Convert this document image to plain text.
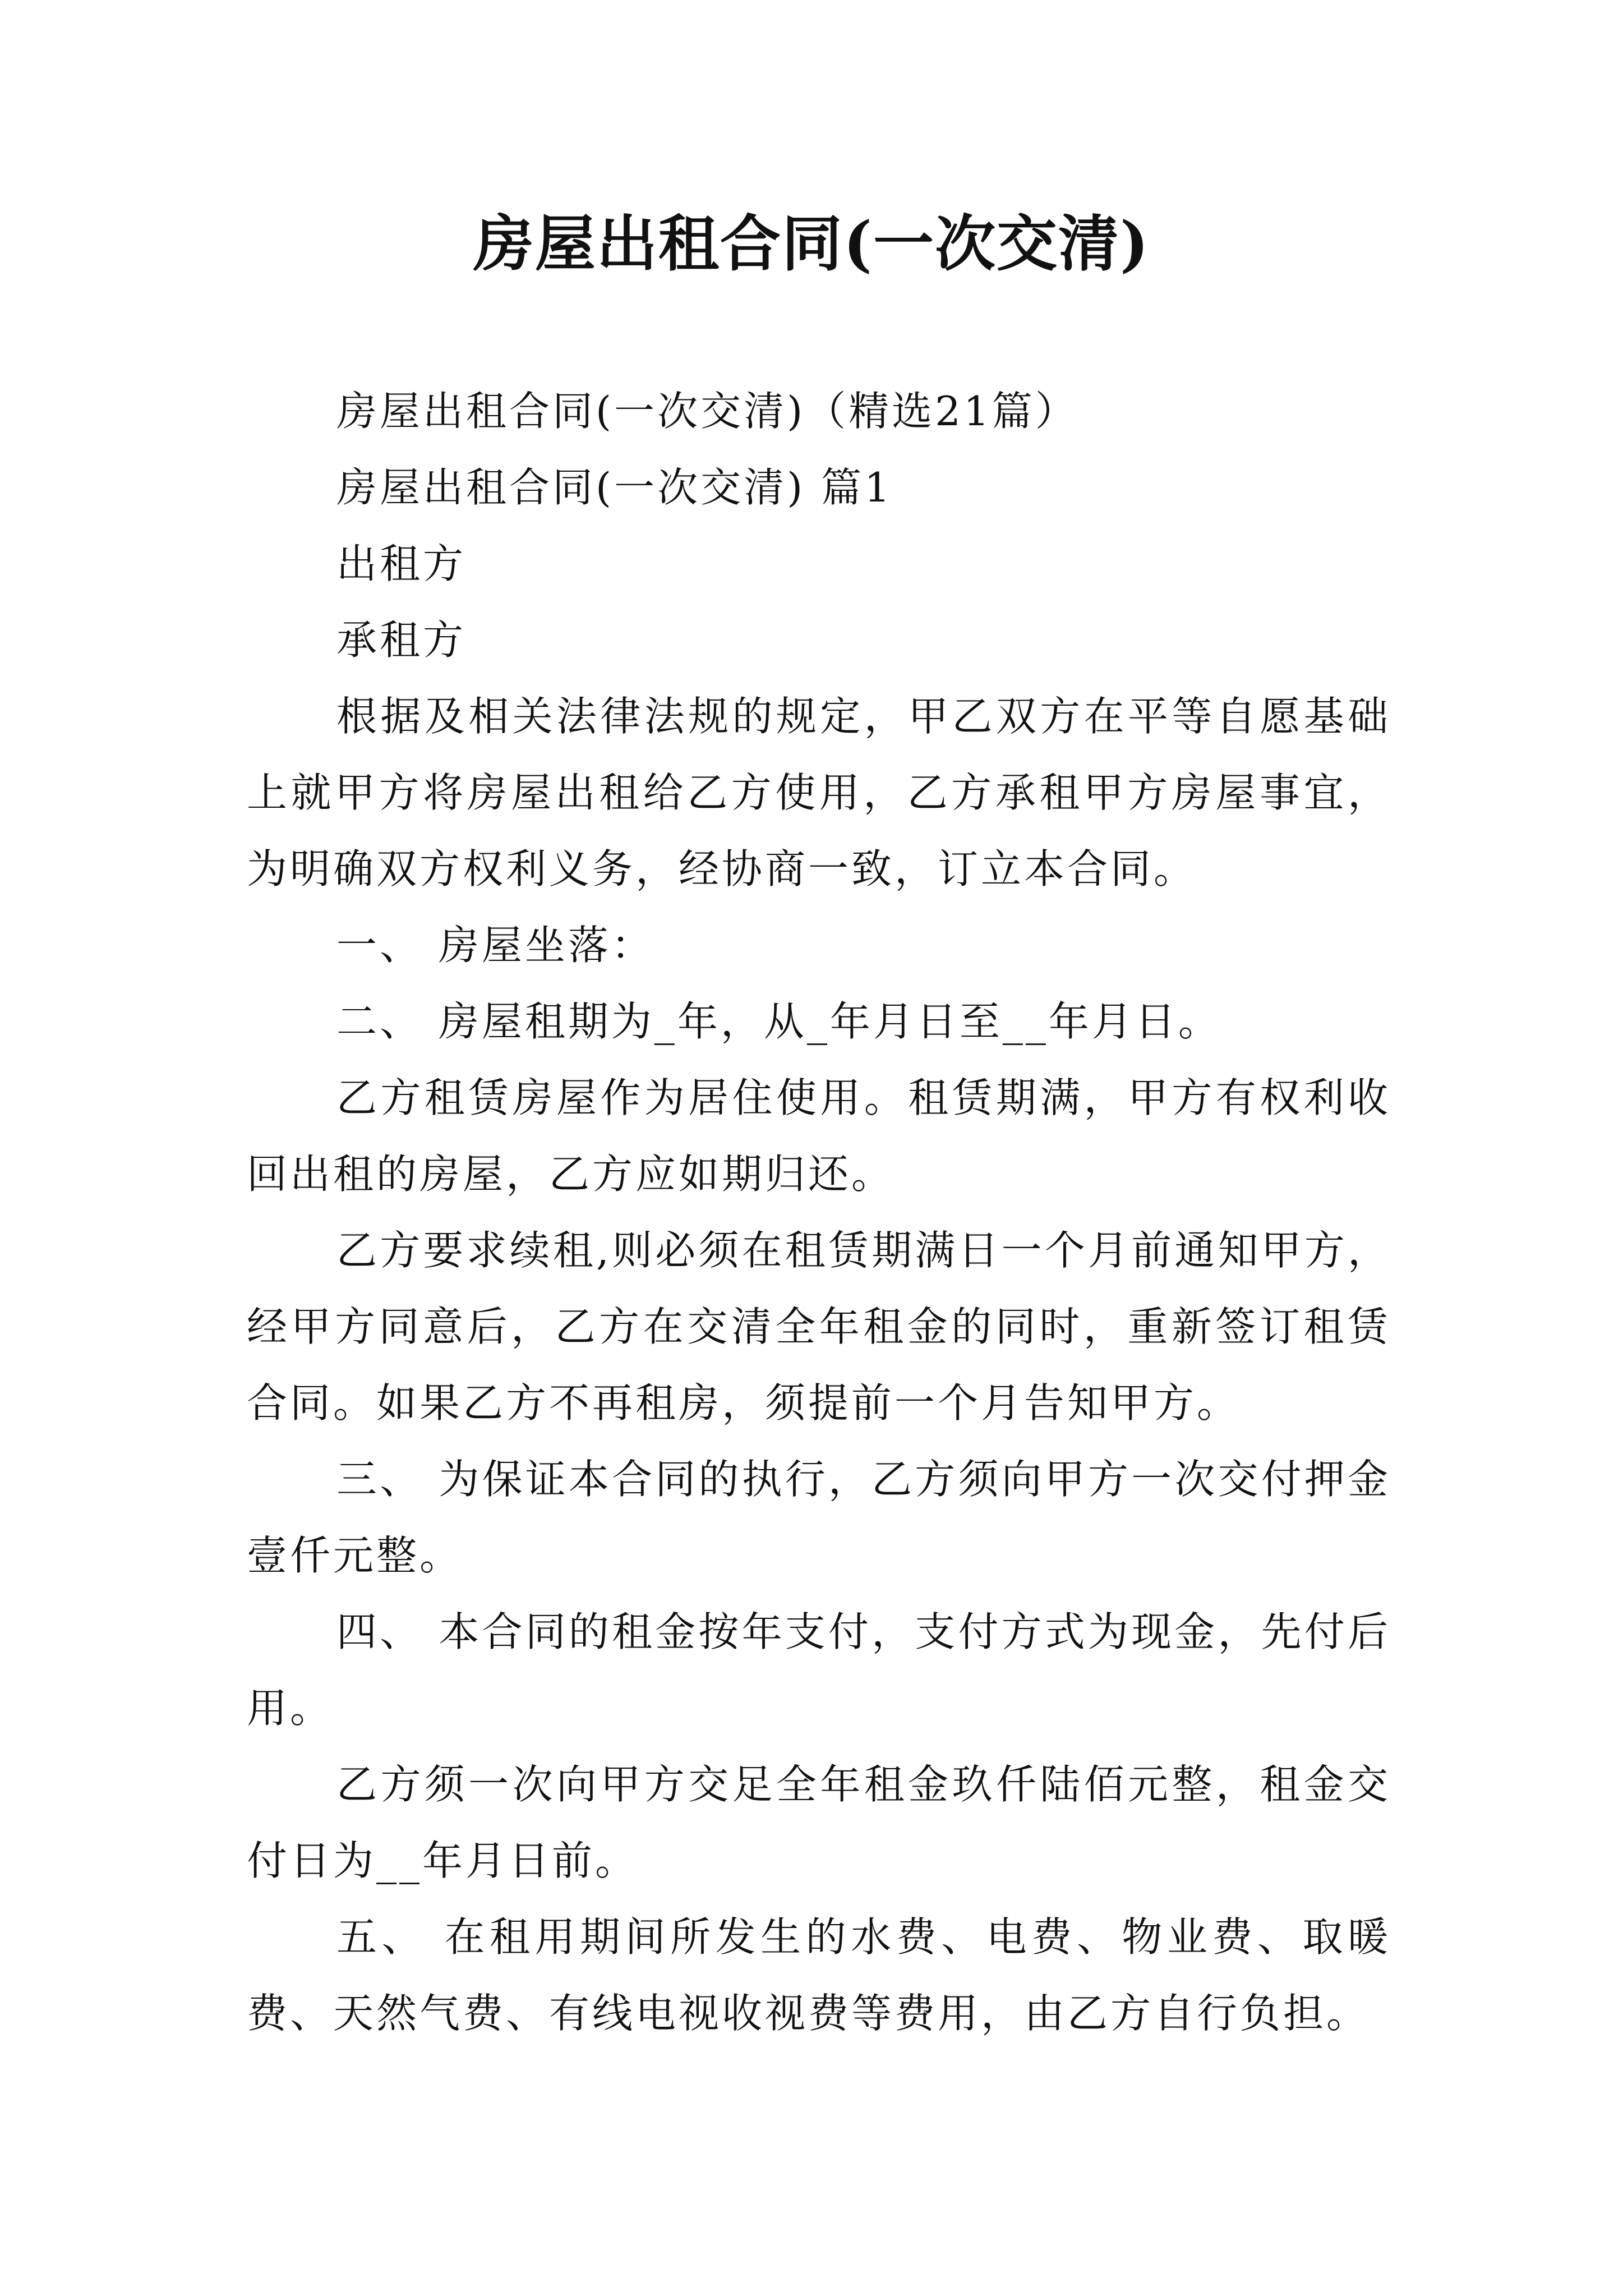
房屋出租合同(一次交清)

房屋出租合同(一次交清)（精选21篇）

房屋出租合同(一次交清) 篇1

出租方

承租方

根据及相关法律法规的规定，甲乙双方在平等自愿基础上就甲方将房屋出租给乙方使用，乙方承租甲方房屋事宜，为明确双方权利义务，经协商一致，订立本合同。

一、 房屋坐落：

二、 房屋租期为_年，从_年月日至__年月日。

乙方租赁房屋作为居住使用。租赁期满，甲方有权利收回出租的房屋，乙方应如期归还。

乙方要求续租,则必须在租赁期满日一个月前通知甲方，经甲方同意后，乙方在交清全年租金的同时，重新签订租赁合同。如果乙方不再租房，须提前一个月告知甲方。

三、 为保证本合同的执行，乙方须向甲方一次交付押金壹仟元整。

四、 本合同的租金按年支付，支付方式为现金，先付后用。

乙方须一次向甲方交足全年租金玖仟陆佰元整，租金交付日为__年月日前。

五、 在租用期间所发生的水费、电费、物业费、取暖费、天然气费、有线电视收视费等费用，由乙方自行负担。
